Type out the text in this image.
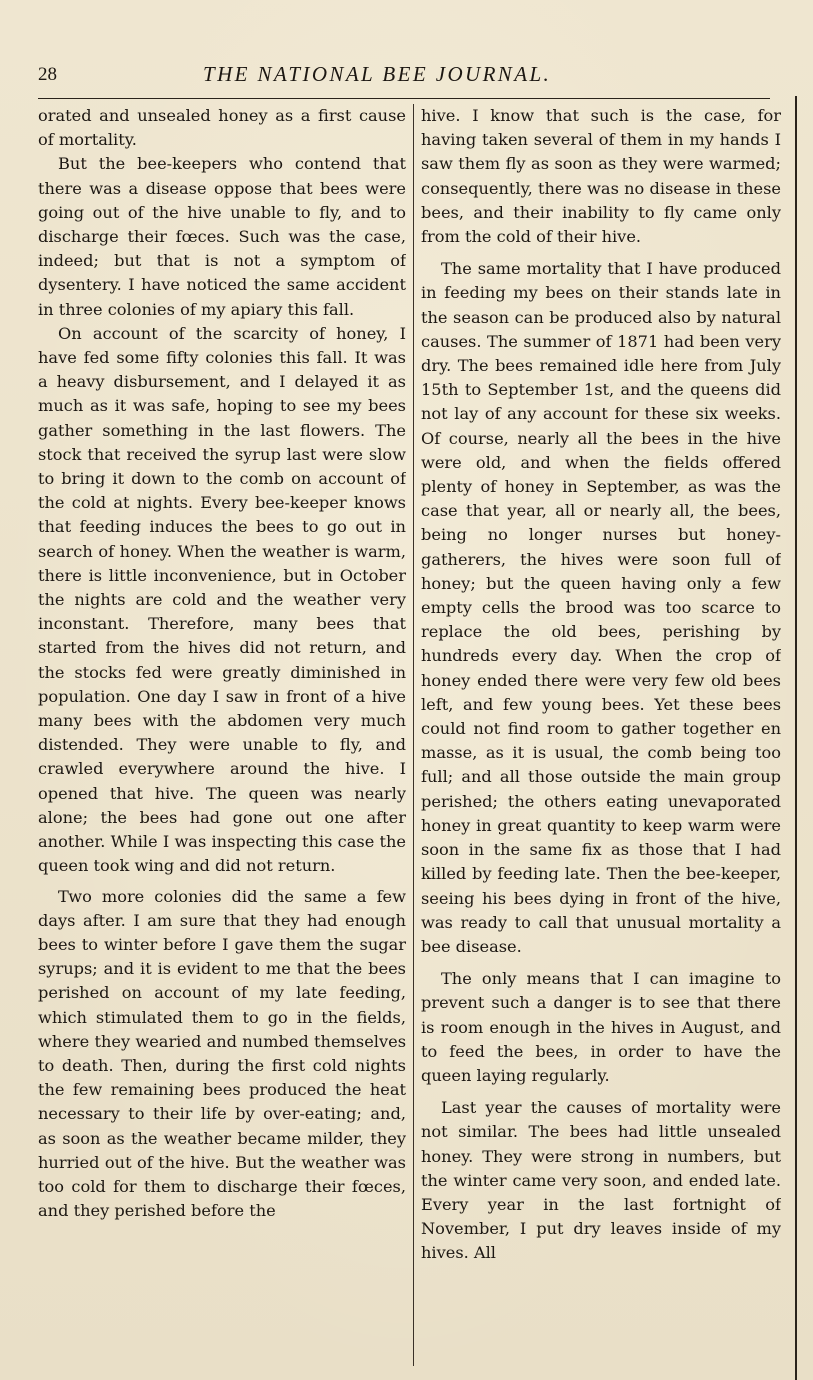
28	THE NATIONAL BEE JOURNAL.

orated and unsealed honey as a first cause of mortality.

But the bee-keepers who contend that there was a disease oppose that bees were going out of the hive unable to fly, and to discharge their fœces. Such was the case, indeed; but that is not a symptom of dysentery. I have noticed the same accident in three colonies of my apiary this fall.

On account of the scarcity of honey, I have fed some fifty colonies this fall. It was a heavy disbursement, and I delayed it as much as it was safe, hoping to see my bees gather something in the last flowers. The stock that received the syrup last were slow to bring it down to the comb on account of the cold at nights. Every bee-keeper knows that feeding induces the bees to go out in search of honey. When the weather is warm, there is little inconvenience, but in October the nights are cold and the weather very inconstant. Therefore, many bees that started from the hives did not return, and the stocks fed were greatly diminished in population. One day I saw in front of a hive many bees with the abdomen very much distended. They were unable to fly, and crawled everywhere around the hive. I opened that hive. The queen was nearly alone; the bees had gone out one after another. While I was inspecting this case the queen took wing and did not return.

Two more colonies did the same a few days after. I am sure that they had enough bees to winter before I gave them the sugar syrups; and it is evident to me that the bees perished on account of my late feeding, which stimulated them to go in the fields, where they wearied and numbed themselves to death. Then, during the first cold nights the few remaining bees produced the heat necessary to their life by over-eating; and, as soon as the weather became milder, they hurried out of the hive. But the weather was too cold for them to discharge their fœces, and they perished before the

hive. I know that such is the case, for having taken several of them in my hands I saw them fly as soon as they were warmed; consequently, there was no disease in these bees, and their inability to fly came only from the cold of their hive.

The same mortality that I have produced in feeding my bees on their stands late in the season can be produced also by natural causes. The summer of 1871 had been very dry. The bees remained idle here from July 15th to September 1st, and the queens did not lay of any account for these six weeks. Of course, nearly all the bees in the hive were old, and when the fields offered plenty of honey in September, as was the case that year, all or nearly all, the bees, being no longer nurses but honey-gatherers, the hives were soon full of honey; but the queen having only a few empty cells the brood was too scarce to replace the old bees, perishing by hundreds every day. When the crop of honey ended there were very few old bees left, and few young bees. Yet these bees could not find room to gather together en masse, as it is usual, the comb being too full; and all those outside the main group perished; the others eating unevaporated honey in great quantity to keep warm were soon in the same fix as those that I had killed by feeding late. Then the bee-keeper, seeing his bees dying in front of the hive, was ready to call that unusual mortality a bee disease.

The only means that I can imagine to prevent such a danger is to see that there is room enough in the hives in August, and to feed the bees, in order to have the queen laying regularly.

Last year the causes of mortality were not similar. The bees had little unsealed honey. They were strong in numbers, but the winter came very soon, and ended late. Every year in the last fortnight of November, I put dry leaves inside of my hives. All
